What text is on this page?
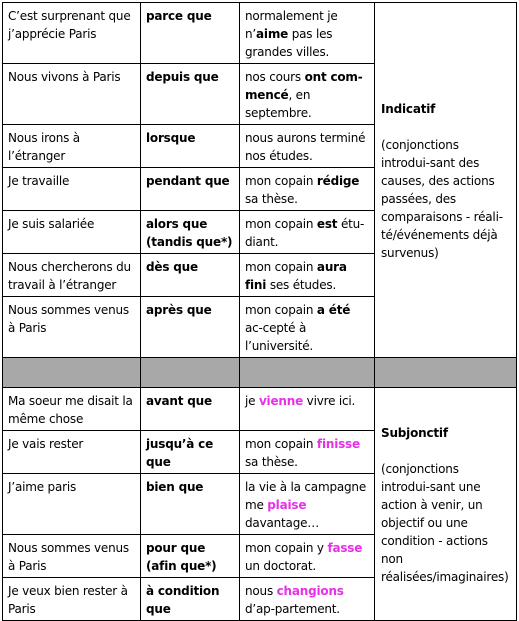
C’est surprenant que j’apprécie Paris	parce que	normalement je n’aime pas les grandes villes.	Indicatif
(conjonctions introdui-sant des causes, des actions passées, des comparaisons - réali-té/événements déjà survenus)
Nous vivons à Paris	depuis que	nos cours ont com-mencé, en septembre.	
Nous irons à l’étranger	lorsque	nous aurons terminé nos études.	
Je travaille	pendant que	mon copain rédige sa thèse.	
Je suis salariée	alors que (tandis que*)	mon copain est étu-diant.	
Nous chercherons du travail à l’étranger	dès que	mon copain aura fini ses études.	
Nous sommes venus à Paris	après que	mon copain a été ac-cepté à l’université.	

Ma soeur me disait la même chose	avant que	je vienne vivre ici.	Subjonctif
(conjonctions introdui-sant une action à venir, un objectif ou une condition - actions non réalisées/imaginaires)
Je vais rester	jusqu’à ce que	mon copain finisse sa thèse.	
J’aime paris	bien que	la vie à la campagne me plaise davantage…	
Nous sommes venus à Paris	pour que (afin que*)	mon copain y fasse un doctorat.	
Je veux bien rester à Paris	à condition que	nous changions d’ap-partement.	
